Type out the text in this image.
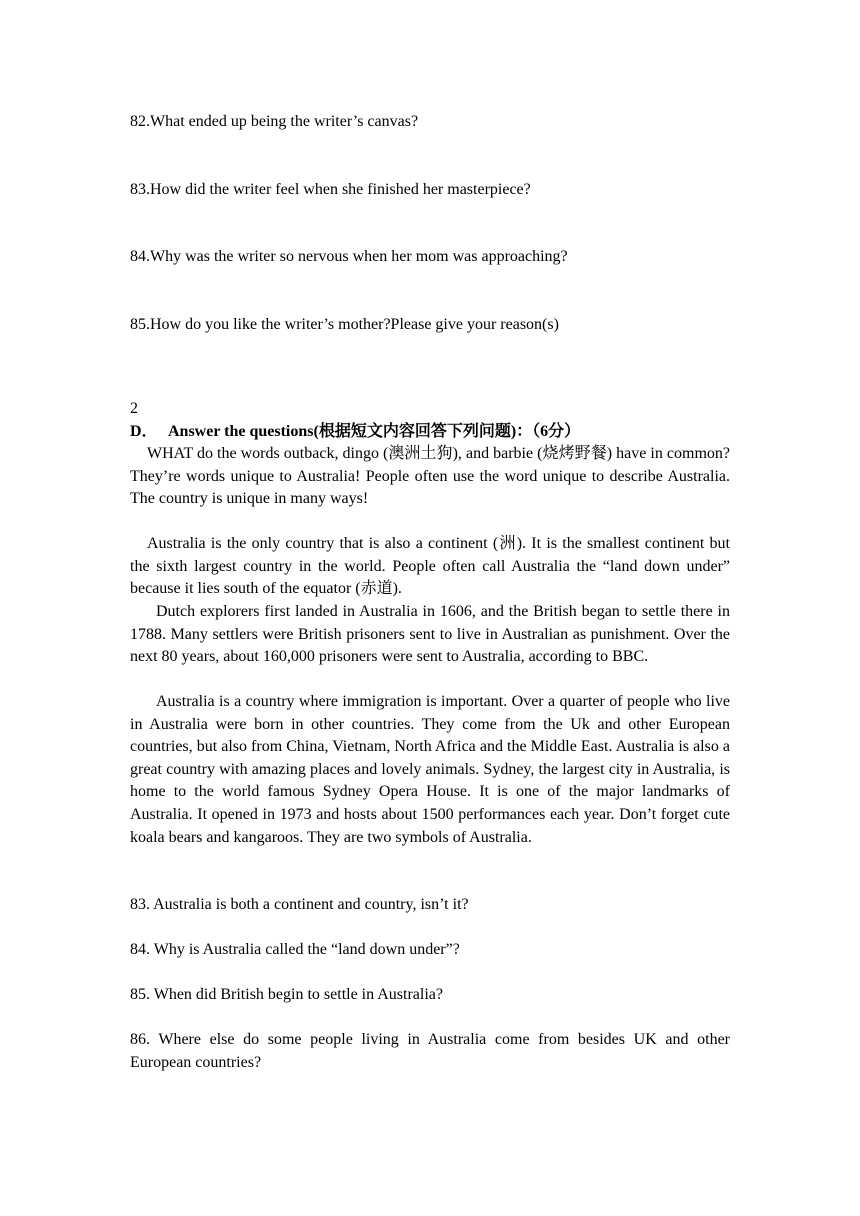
82.What ended up being the writer’s canvas?
83.How did the writer feel when she finished her masterpiece?
84.Why was the writer so nervous when her mom was approaching?
85.How do you like the writer’s mother?Please give your reason(s)
2
D． Answer the questions(根据短文内容回答下列问题)：（6分）
WHAT do the words outback, dingo (澳洲土狗), and barbie (烧烤野餐) have in common? They’re words unique to Australia! People often use the word unique to describe Australia. The country is unique in many ways!
Australia is the only country that is also a continent (洲). It is the smallest continent but the sixth largest country in the world. People often call Australia the “land down under” because it lies south of the equator (赤道).
Dutch explorers first landed in Australia in 1606, and the British began to settle there in 1788. Many settlers were British prisoners sent to live in Australian as punishment. Over the next 80 years, about 160,000 prisoners were sent to Australia, according to BBC.
Australia is a country where immigration is important. Over a quarter of people who live in Australia were born in other countries. They come from the Uk and other European countries, but also from China, Vietnam, North Africa and the Middle East. Australia is also a great country with amazing places and lovely animals. Sydney, the largest city in Australia, is home to the world famous Sydney Opera House. It is one of the major landmarks of Australia. It opened in 1973 and hosts about 1500 performances each year. Don’t forget cute koala bears and kangaroos. They are two symbols of Australia.
83. Australia is both a continent and country, isn’t it?
84. Why is Australia called the “land down under”?
85. When did British begin to settle in Australia?
86. Where else do some people living in Australia come from besides UK and other European countries?
